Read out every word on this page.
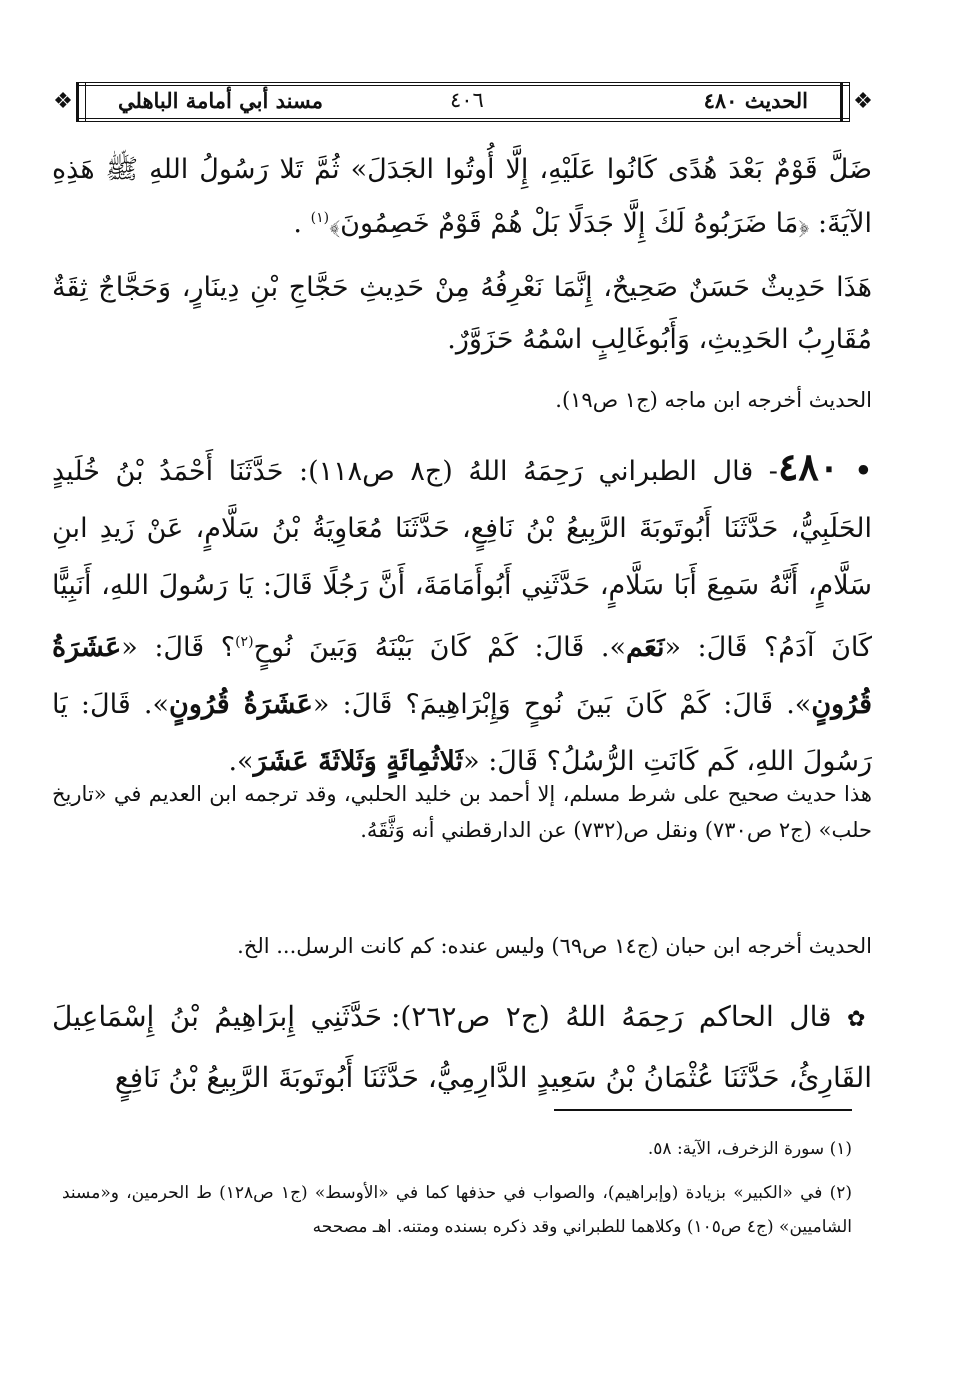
❖
❖	الحديث ٤٨٠
٤٠٦
مسند أبي أمامة الباهلي
ضَلَّ قَوْمٌ بَعْدَ هُدًى كَانُوا عَلَيْهِ، إِلَّا أُوتُوا الجَدَلَ» ثُمَّ تَلا رَسُولُ اللهِ ﷺ هَذِهِ الآيَةَ: ﴿مَا ضَرَبُوهُ لَكَ إِلَّا جَدَلًا بَلْ هُمْ قَوْمٌ خَصِمُونَ﴾$^{(١)}$ .
هَذَا حَدِيثٌ حَسَنٌ صَحِيحٌ، إِنَّمَا نَعْرِفُهُ مِنْ حَدِيثِ حَجَّاجِ بْنِ دِينَارٍ، وَحَجَّاجٌ ثِقَةٌ مُقَارِبُ الحَدِيثِ، وَأَبُوغَالِبٍ اسْمُهُ حَزَوَّرٌ.
الحديث أخرجه ابن ماجه (ج١ ص١٩).
• ٤٨٠- قال الطبراني رَحِمَهُ اللهُ (ج٨ ص١١٨): حَدَّثَنَا أَحْمَدُ بْنُ خُلَيدٍ الحَلَبِيُّ، حَدَّثَنَا أَبُوتَوبَةَ الرَّبِيعُ بْنُ نَافِعٍ، حَدَّثَنَا مُعَاوِيَةُ بْنُ سَلَّامٍ، عَنْ زَيدِ ابنِ سَلَّامٍ، أَنَّهُ سَمِعَ أَبَا سَلَّامٍ، حَدَّثَنِي أَبُوأَمَامَةَ، أَنَّ رَجُلًا قَالَ: يَا رَسُولَ اللهِ، أَنَبِيًّا كَانَ آدَمُ؟ قَالَ: «نَعَم». قَالَ: كَمْ كَانَ بَيْنَهُ وَبَينَ نُوحٍ$^{(٢)}$؟ قَالَ: «عَشَرَةُ قُرُونٍ». قَالَ: كَمْ كَانَ بَينَ نُوحٍ وَإِبْرَاهِيمَ؟ قَالَ: «عَشَرَةُ قُرُونٍ». قَالَ: يَا رَسُولَ اللهِ، كَم كَانَتِ الرُّسُلُ؟ قَالَ: «ثَلاثُمِائَةٍ وَثَلاثَةَ عَشَرَ».
هذا حديث صحيح على شرط مسلم، إلا أحمد بن خليد الحلبي، وقد ترجمه ابن العديم في «تاريخ حلب» (ج٢ ص٧٣٠) ونقل ص(٧٣٢) عن الدارقطني أنه وَثَّقَهُ.
الحديث أخرجه ابن حبان (ج١٤ ص٦٩) وليس عنده: كم كانت الرسل... الخ.
✿ قال الحاكم رَحِمَهُ اللهُ (ج٢ ص٢٦٢): حَدَّثَنِي إِبرَاهِيمُ بْنُ إِسْمَاعِيلَ القَارِئُ، حَدَّثَنَا عُثْمَانُ بْنُ سَعِيدٍ الدَّارِمِيُّ، حَدَّثَنَا أَبُوتَوبَةَ الرَّبِيعُ بْنُ نَافِعٍ

(١) سورة الزخرف، الآية: ٥٨.

(٢) في «الكبير» بزيادة (وإبراهيم)، والصواب في حذفها كما في «الأوسط» (ج١ ص١٢٨) ط الحرمين، و«مسند الشاميين» (ج٤ ص١٠٥) وكلاهما للطبراني وقد ذكره بسنده ومتنه. اهـ مصححه
